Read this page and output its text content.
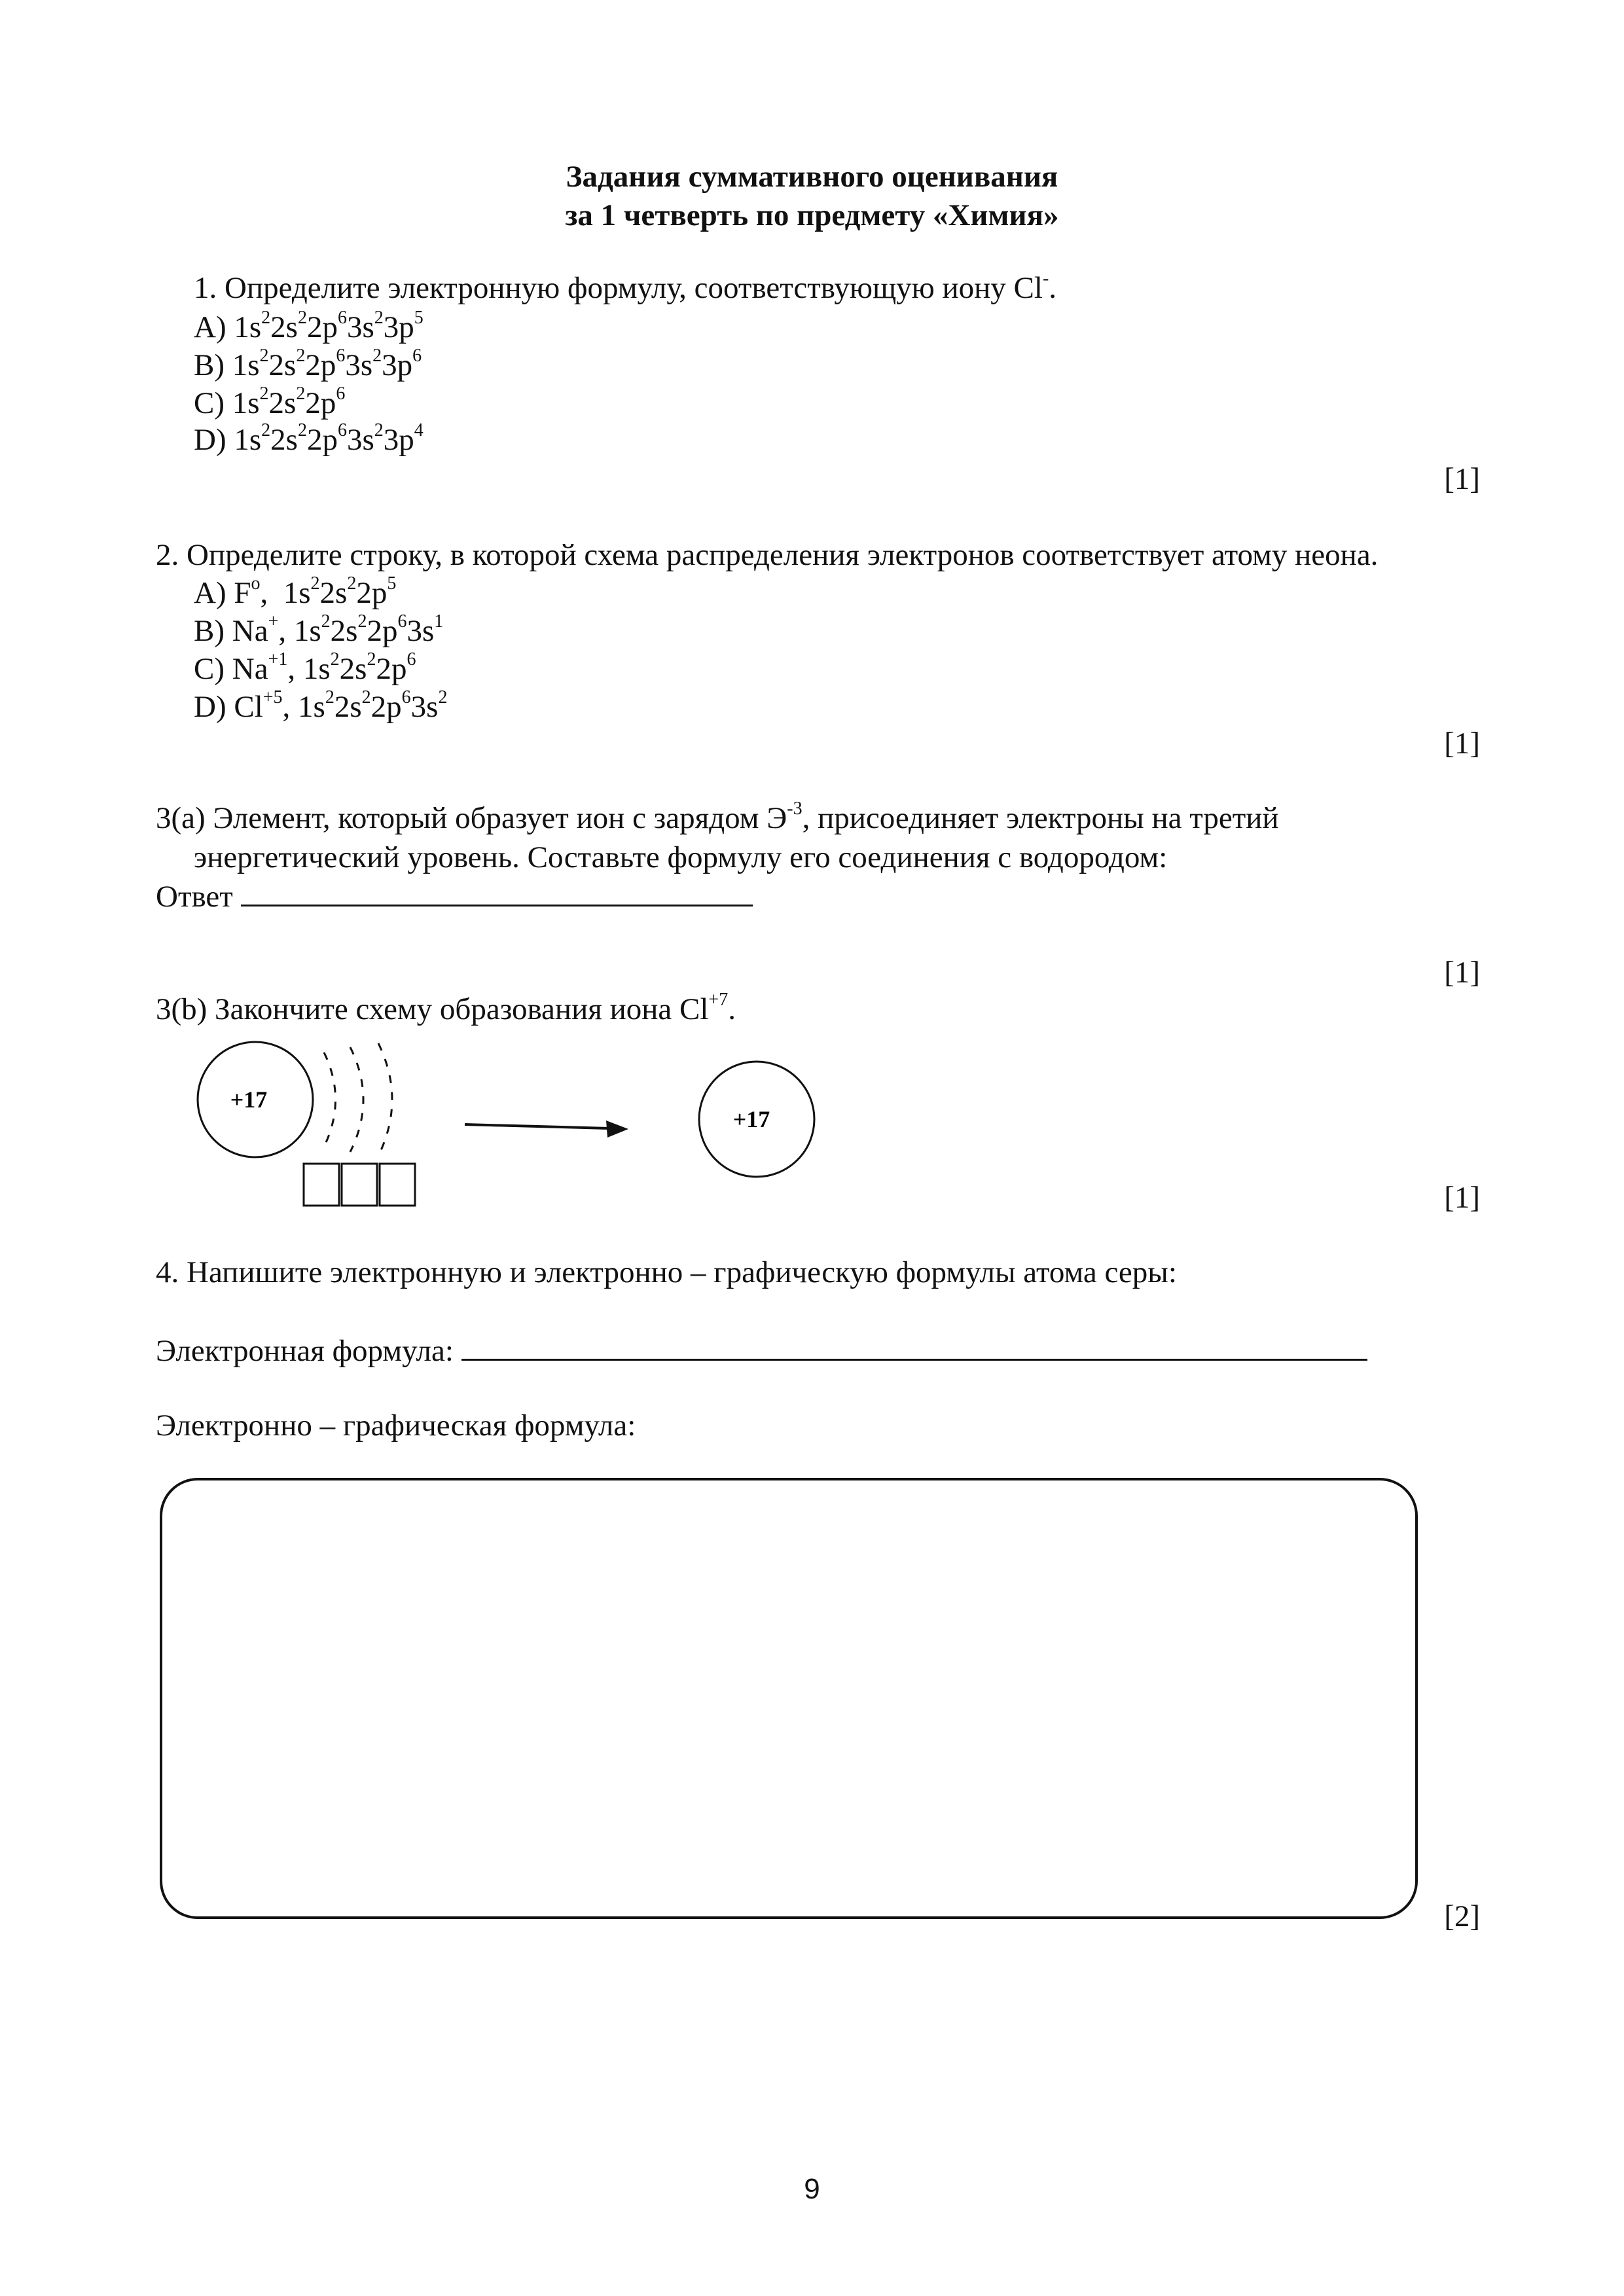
Задания суммативного оценивания
за 1 четверть по предмету «Химия»
1. Определите электронную формулу, соответствующую иону Cl-.
A) $1s^22s^22p^63s^23p^5$
B) $1s^22s^22p^63s^23p^6$
C) $1s^22s^22p^6$
D) $1s^22s^22p^63s^23p^4$
[1]
2. Определите строку, в которой схема распределения электронов соответствует атому неона.
A) $F^o$,  $1s^22s^22p^5$
B) Na+, $1s^22s^22p^63s^1$
C) $Na^{+1}$, $1s^22s^22p^6$
D) $Cl^{+5}$, $1s^22s^22p^63s^2$
[1]
3(а) Элемент, который образует ион с зарядом $Э^{-3}$, присоединяет электроны на третий
энергетический уровень. Составьте формулу его соединения с водородом:
Ответ
[1]
3(b) Закончите схему образования иона $Cl^{+7}$.
+17
+17
[1]
4. Напишите электронную и электронно – графическую формулы атома серы:
Электронная формула:
Электронно – графическая формула:
[2]
9
